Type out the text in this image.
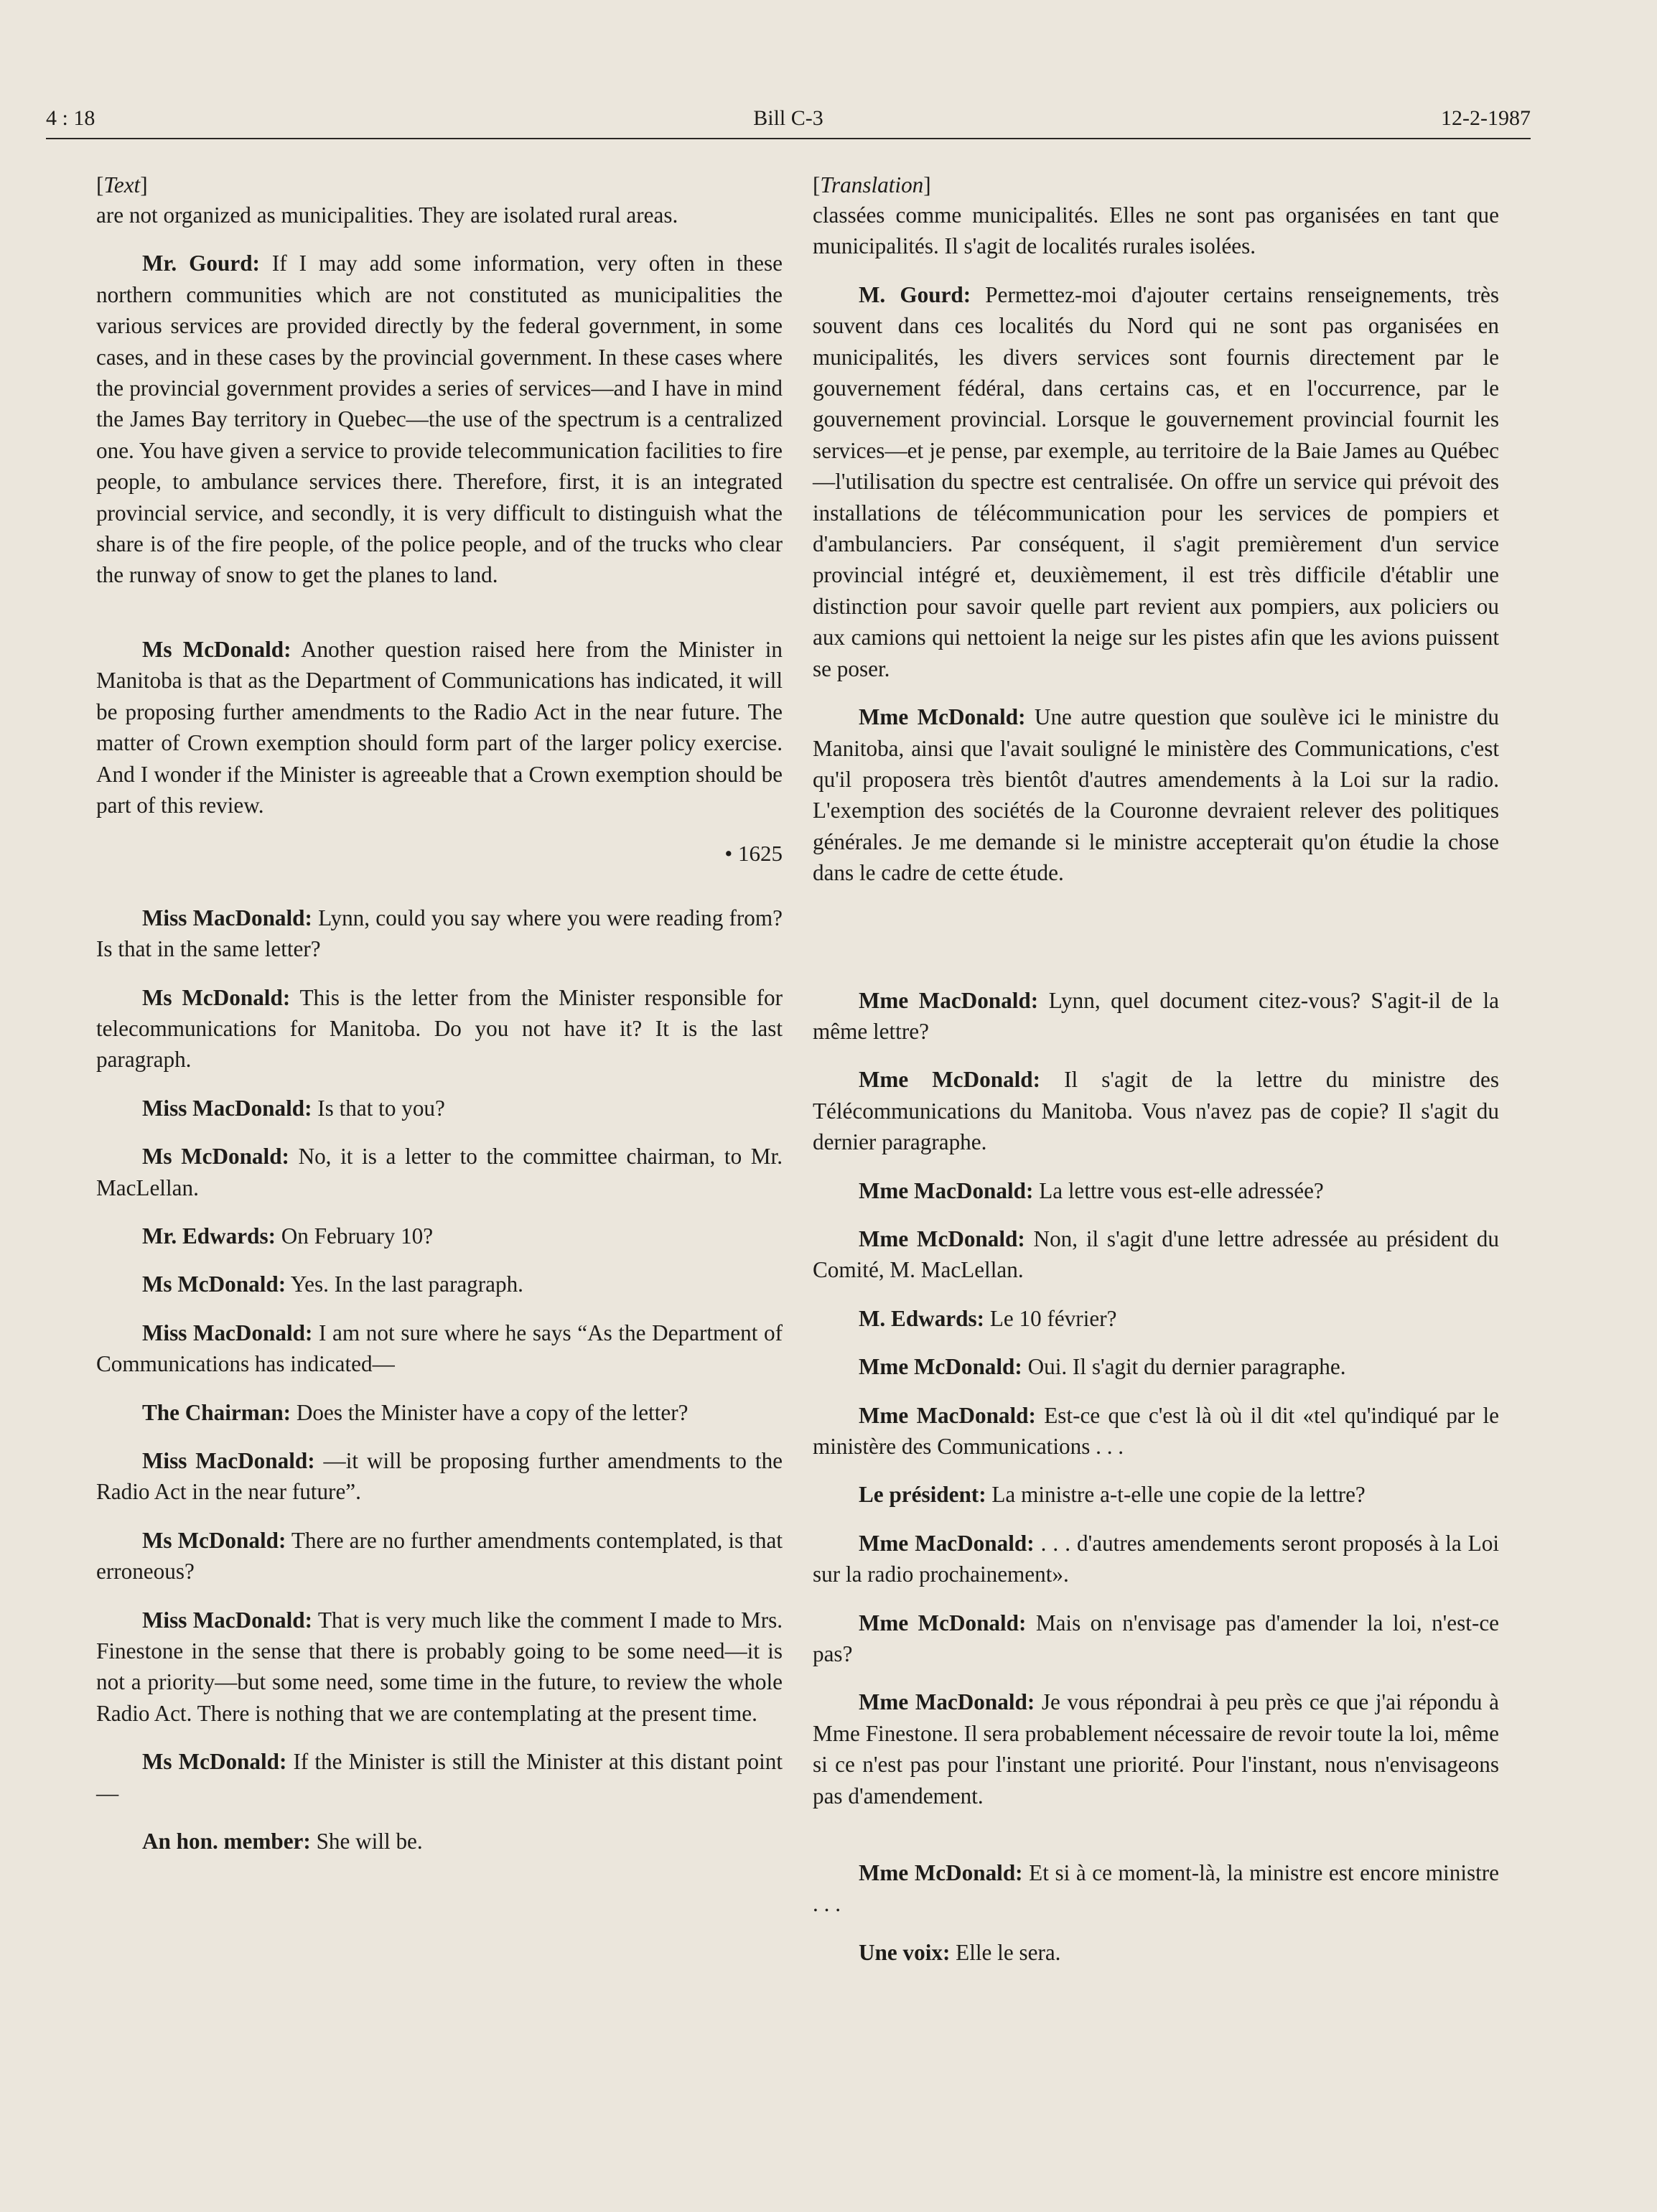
4 : 18	Bill C-3	12-2-1987
[Text]

are not organized as municipalities. They are isolated rural areas.

Mr. Gourd: If I may add some information, very often in these northern communities which are not constituted as municipalities the various services are provided directly by the federal government, in some cases, and in these cases by the provincial government. In these cases where the provincial government provides a series of services—and I have in mind the James Bay territory in Quebec—the use of the spectrum is a centralized one. You have given a service to provide telecommunication facilities to fire people, to ambulance services there. Therefore, first, it is an integrated provincial service, and secondly, it is very difficult to distinguish what the share is of the fire people, of the police people, and of the trucks who clear the runway of snow to get the planes to land.

Ms McDonald: Another question raised here from the Minister in Manitoba is that as the Department of Communications has indicated, it will be proposing further amendments to the Radio Act in the near future. The matter of Crown exemption should form part of the larger policy exercise. And I wonder if the Minister is agreeable that a Crown exemption should be part of this review.

• 1625

Miss MacDonald: Lynn, could you say where you were reading from? Is that in the same letter?

Ms McDonald: This is the letter from the Minister responsible for telecommunications for Manitoba. Do you not have it? It is the last paragraph.

Miss MacDonald: Is that to you?

Ms McDonald: No, it is a letter to the committee chairman, to Mr. MacLellan.

Mr. Edwards: On February 10?

Ms McDonald: Yes. In the last paragraph.

Miss MacDonald: I am not sure where he says “As the Department of Communications has indicated—

The Chairman: Does the Minister have a copy of the letter?

Miss MacDonald: —it will be proposing further amendments to the Radio Act in the near future”.

Ms McDonald: There are no further amendments contemplated, is that erroneous?

Miss MacDonald: That is very much like the comment I made to Mrs. Finestone in the sense that there is probably going to be some need—it is not a priority—but some need, some time in the future, to review the whole Radio Act. There is nothing that we are contemplating at the present time.

Ms McDonald: If the Minister is still the Minister at this distant point—

An hon. member: She will be.

[Translation]

classées comme municipalités. Elles ne sont pas organisées en tant que municipalités. Il s'agit de localités rurales isolées.

M. Gourd: Permettez-moi d'ajouter certains renseignements, très souvent dans ces localités du Nord qui ne sont pas organisées en municipalités, les divers services sont fournis directement par le gouvernement fédéral, dans certains cas, et en l'occurrence, par le gouvernement provincial. Lorsque le gouvernement provincial fournit les services—et je pense, par exemple, au territoire de la Baie James au Québec—l'utilisation du spectre est centralisée. On offre un service qui prévoit des installations de télécommunication pour les services de pompiers et d'ambulanciers. Par conséquent, il s'agit premièrement d'un service provincial intégré et, deuxièmement, il est très difficile d'établir une distinction pour savoir quelle part revient aux pompiers, aux policiers ou aux camions qui nettoient la neige sur les pistes afin que les avions puissent se poser.

Mme McDonald: Une autre question que soulève ici le ministre du Manitoba, ainsi que l'avait souligné le ministère des Communications, c'est qu'il proposera très bientôt d'autres amendements à la Loi sur la radio. L'exemption des sociétés de la Couronne devraient relever des politiques générales. Je me demande si le ministre accepterait qu'on étudie la chose dans le cadre de cette étude.

Mme MacDonald: Lynn, quel document citez-vous? S'agit-il de la même lettre?

Mme McDonald: Il s'agit de la lettre du ministre des Télécommunications du Manitoba. Vous n'avez pas de copie? Il s'agit du dernier paragraphe.

Mme MacDonald: La lettre vous est-elle adressée?

Mme McDonald: Non, il s'agit d'une lettre adressée au président du Comité, M. MacLellan.

M. Edwards: Le 10 février?

Mme McDonald: Oui. Il s'agit du dernier paragraphe.

Mme MacDonald: Est-ce que c'est là où il dit «tel qu'indiqué par le ministère des Communications . . .

Le président: La ministre a-t-elle une copie de la lettre?

Mme MacDonald: . . . d'autres amendements seront proposés à la Loi sur la radio prochainement».

Mme McDonald: Mais on n'envisage pas d'amender la loi, n'est-ce pas?

Mme MacDonald: Je vous répondrai à peu près ce que j'ai répondu à Mme Finestone. Il sera probablement nécessaire de revoir toute la loi, même si ce n'est pas pour l'instant une priorité. Pour l'instant, nous n'envisageons pas d'amendement.

Mme McDonald: Et si à ce moment-là, la ministre est encore ministre . . .

Une voix: Elle le sera.
